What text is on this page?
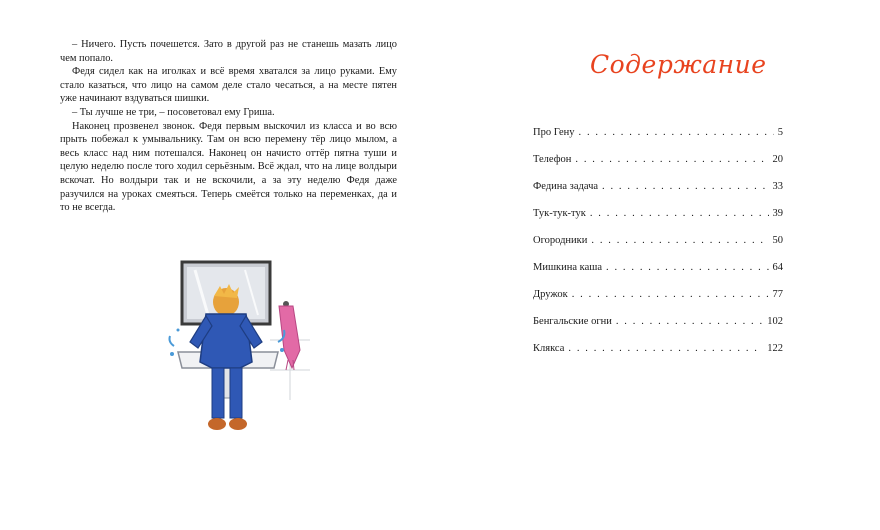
– Ничего. Пусть почешется. Зато в другой раз не станешь мазать лицо чем попало.

Федя сидел как на иголках и всё время хватался за лицо руками. Ему стало казаться, что лицо на самом деле стало чесаться, а на месте пятен уже начинают вздуваться шишки.

– Ты лучше не три, – посоветовал ему Гриша.

Наконец прозвенел звонок. Федя первым выскочил из класса и во всю прыть побежал к умывальнику. Там он всю перемену тёр лицо мылом, а весь класс над ним потешался. Наконец он начисто оттёр пятна туши и целую неделю после того ходил серьёзным. Всё ждал, что на лице волдыри вскочат. Но волдыри так и не вскочили, а за эту неделю Федя даже разучился на уроках смеяться. Теперь смеётся только на переменках, да и то не всегда.

Содержание
Про Гену . . .	5
Телефон . . .	20
Федина задача . . .	33
Тук-тук-тук . . .	39
Огородники . . .	50
Мишкина каша . . .	64
Дружок . . .	77
Бенгальские огни . . .	102
Клякса . . .	122
